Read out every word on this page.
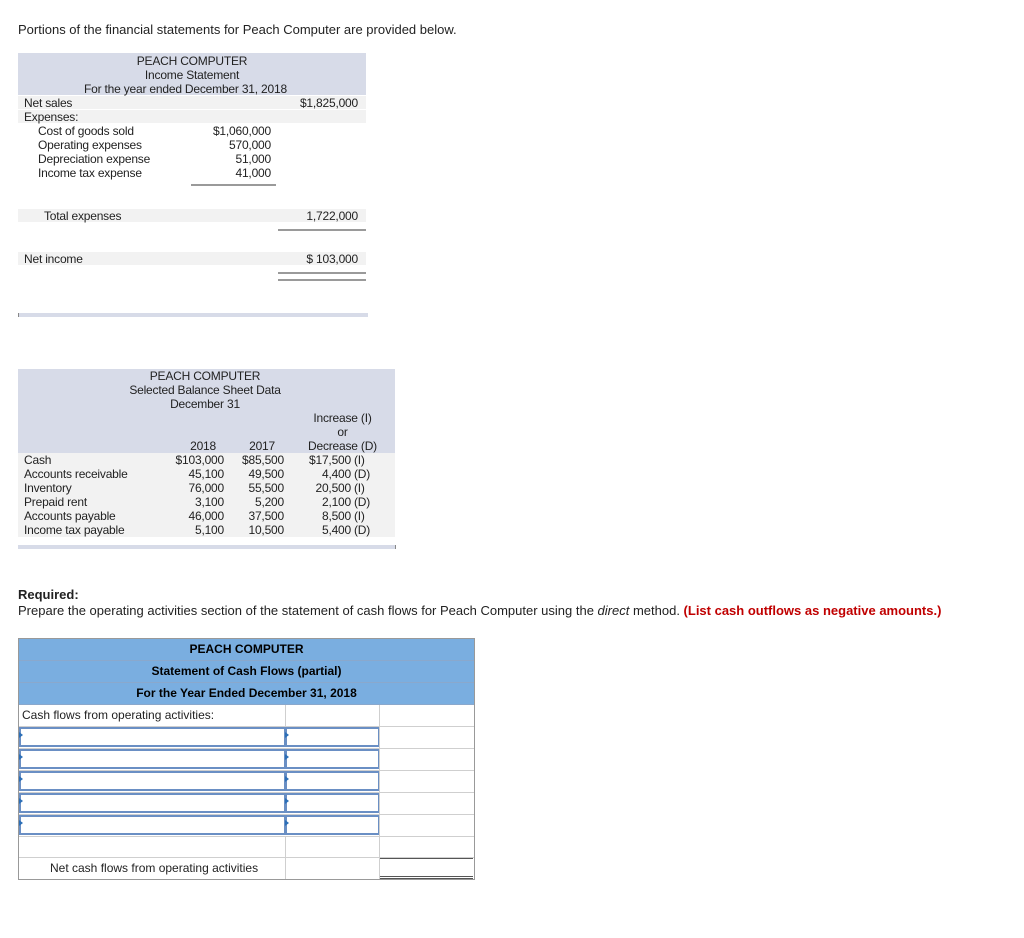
Portions of the financial statements for Peach Computer are provided below.
PEACH COMPUTER
Income Statement
For the year ended December 31, 2018
Net sales	$1,825,000
Expenses:
Cost of goods sold	$1,060,000
Operating expenses	570,000
Depreciation expense	51,000
Income tax expense	41,000
Total expenses	1,722,000
Net income	$ 103,000
PEACH COMPUTER
Selected Balance Sheet Data
December 31
Increase (I)
or
2018	2017	Decrease (D)
Cash	$103,000	$85,500	$17,500 (I)
Accounts receivable	45,100	49,500	4,400 (D)
Inventory	76,000	55,500	20,500 (I)
Prepaid rent	3,100	5,200	2,100 (D)
Accounts payable	46,000	37,500	8,500 (I)
Income tax payable	5,100	10,500	5,400 (D)
Required:
Prepare the operating activities section of the statement of cash flows for Peach Computer using the direct method. (List cash outflows as negative amounts.)
PEACH COMPUTER
Statement of Cash Flows (partial)
For the Year Ended December 31, 2018
Cash flows from operating activities:
Net cash flows from operating activities
